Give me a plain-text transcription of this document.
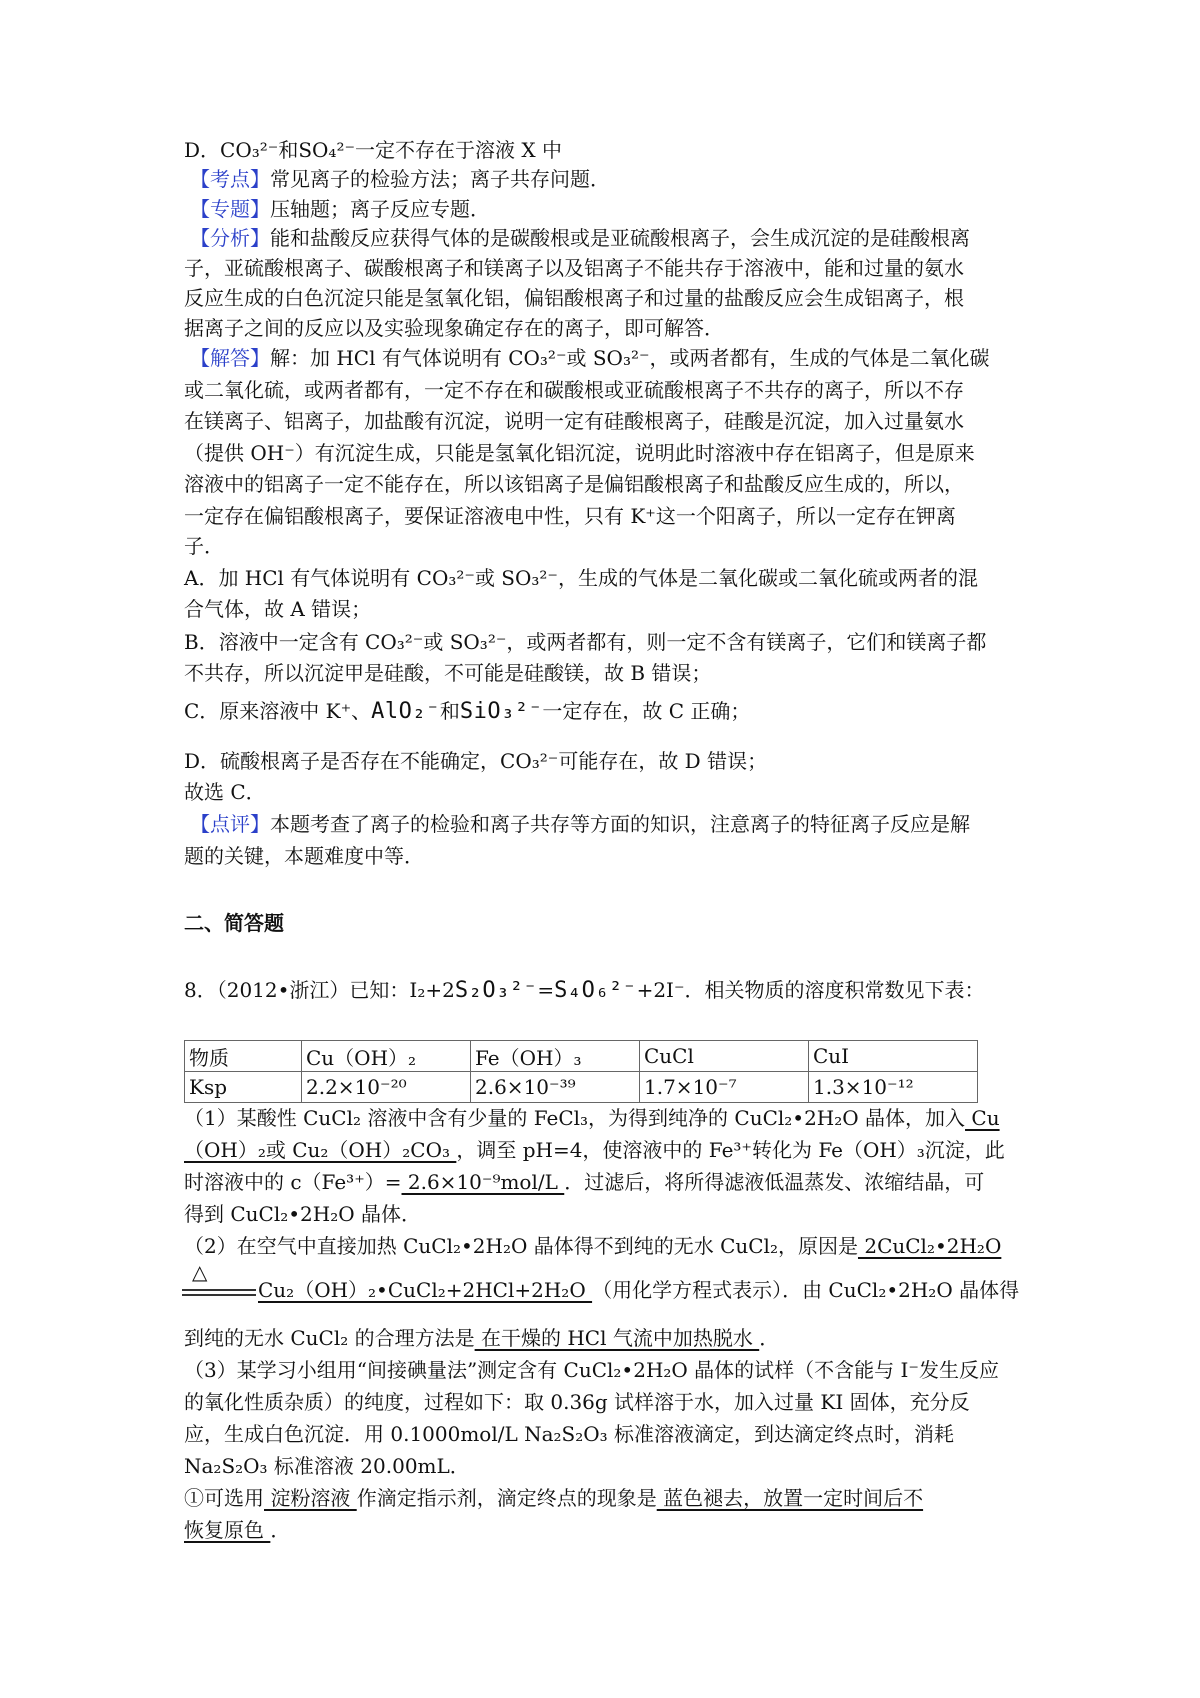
D．CO₃²⁻和SO₄²⁻一定不存在于溶液 X 中
【考点】常见离子的检验方法；离子共存问题．
【专题】压轴题；离子反应专题．
【分析】能和盐酸反应获得气体的是碳酸根或是亚硫酸根离子，会生成沉淀的是硅酸根离
子，亚硫酸根离子、碳酸根离子和镁离子以及铝离子不能共存于溶液中，能和过量的氨水
反应生成的白色沉淀只能是氢氧化铝，偏铝酸根离子和过量的盐酸反应会生成铝离子，根
据离子之间的反应以及实验现象确定存在的离子，即可解答．
【解答】解：加 HCl 有气体说明有 CO₃²⁻或 SO₃²⁻，或两者都有，生成的气体是二氧化碳
或二氧化硫，或两者都有，一定不存在和碳酸根或亚硫酸根离子不共存的离子，所以不存
在镁离子、铝离子，加盐酸有沉淀，说明一定有硅酸根离子，硅酸是沉淀，加入过量氨水
（提供 OH⁻）有沉淀生成，只能是氢氧化铝沉淀，说明此时溶液中存在铝离子，但是原来
溶液中的铝离子一定不能存在，所以该铝离子是偏铝酸根离子和盐酸反应生成的，所以，
一定存在偏铝酸根离子，要保证溶液电中性，只有 K⁺这一个阳离子，所以一定存在钾离
子．
A．加 HCl 有气体说明有 CO₃²⁻或 SO₃²⁻，生成的气体是二氧化碳或二氧化硫或两者的混
合气体，故 A 错误；
B．溶液中一定含有 CO₃²⁻或 SO₃²⁻，或两者都有，则一定不含有镁离子，它们和镁离子都
不共存，所以沉淀甲是硅酸，不可能是硅酸镁，故 B 错误；
C．原来溶液中 K⁺、AlO₂⁻和SiO₃²⁻一定存在，故 C 正确；
D．硫酸根离子是否存在不能确定，CO₃²⁻可能存在，故 D 错误；
故选 C．
【点评】本题考查了离子的检验和离子共存等方面的知识，注意离子的特征离子反应是解
题的关键，本题难度中等．
二、简答题
8．（2012•浙江）已知：I₂+2S₂O₃²⁻=S₄O₆²⁻+2I⁻．相关物质的溶度积常数见下表：
物质	Cu（OH）₂	Fe（OH）₃	CuCl	CuI
Ksp	2.2×10⁻²⁰	2.6×10⁻³⁹	1.7×10⁻⁷	1.3×10⁻¹²
（1）某酸性 CuCl₂ 溶液中含有少量的 FeCl₃，为得到纯净的 CuCl₂•2H₂O 晶体，加入 Cu
（OH）₂或 Cu₂（OH）₂CO₃ ，调至 pH=4，使溶液中的 Fe³⁺转化为 Fe（OH）₃沉淀，此
时溶液中的 c（Fe³⁺）= 2.6×10⁻⁹mol/L ．过滤后，将所得滤液低温蒸发、浓缩结晶，可
得到 CuCl₂•2H₂O 晶体．
（2）在空气中直接加热 CuCl₂•2H₂O 晶体得不到纯的无水 CuCl₂，原因是 2CuCl₂•2H₂O
△
Cu₂（OH）₂•CuCl₂+2HCl+2H₂O （用化学方程式表示）．由 CuCl₂•2H₂O 晶体得
到纯的无水 CuCl₂ 的合理方法是 在干燥的 HCl 气流中加热脱水 ．
（3）某学习小组用“间接碘量法”测定含有 CuCl₂•2H₂O 晶体的试样（不含能与 I⁻发生反应
的氧化性质杂质）的纯度，过程如下：取 0.36g 试样溶于水，加入过量 KI 固体，充分反
应，生成白色沉淀．用 0.1000mol/L Na₂S₂O₃ 标准溶液滴定，到达滴定终点时，消耗
Na₂S₂O₃ 标准溶液 20.00mL．
①可选用 淀粉溶液 作滴定指示剂，滴定终点的现象是 蓝色褪去，放置一定时间后不
恢复原色 ．
